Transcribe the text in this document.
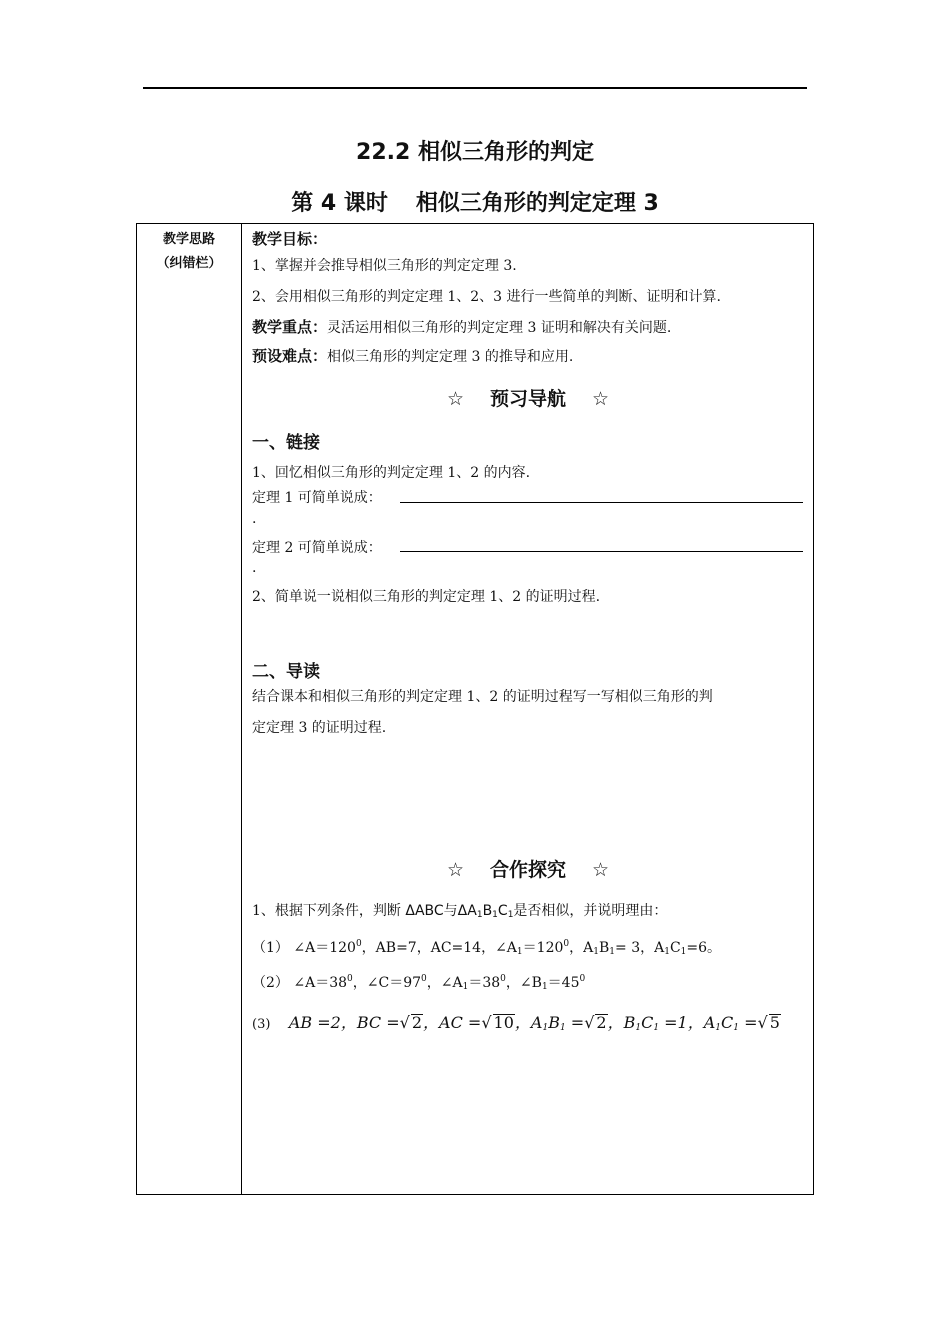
22.2 相似三角形的判定
第 4 课时 相似三角形的判定定理 3
教学思路
（纠错栏）
教学目标：
1、掌握并会推导相似三角形的判定定理 3.
2、会用相似三角形的判定定理 1、2、3 进行一些简单的判断、证明和计算.
教学重点：灵活运用相似三角形的判定定理 3 证明和解决有关问题.
预设难点：相似三角形的判定定理 3 的推导和应用.
☆ 预习导航 ☆
一、链接
1、回忆相似三角形的判定定理 1、2 的内容.
定理 1 可简单说成：
.
定理 2 可简单说成：
.
2、简单说一说相似三角形的判定定理 1、2 的证明过程.
二、导读
结合课本和相似三角形的判定定理 1、2 的证明过程写一写相似三角形的判
定定理 3 的证明过程.
☆ 合作探究 ☆
1、根据下列条件，判断 ΔABC与$\Delta A_1B_1C_1$是否相似，并说明理由：
（1） $\angle A=120^0$，AB=7，AC=14，$\angle A_1=120^0$，$A_1B_1= 3$，$A_1C_1=6$。
（2） $\angle A=38^0$，$\angle C=97^0$，$\angle A_1=38^0$，$\angle B_1=45^0$
(3) AB =2，BC =√ 2，AC =√ 10，$A_1B_1$ =√ 2，$B_1C_1 =1$，$A_1C_1$ =√ 5
